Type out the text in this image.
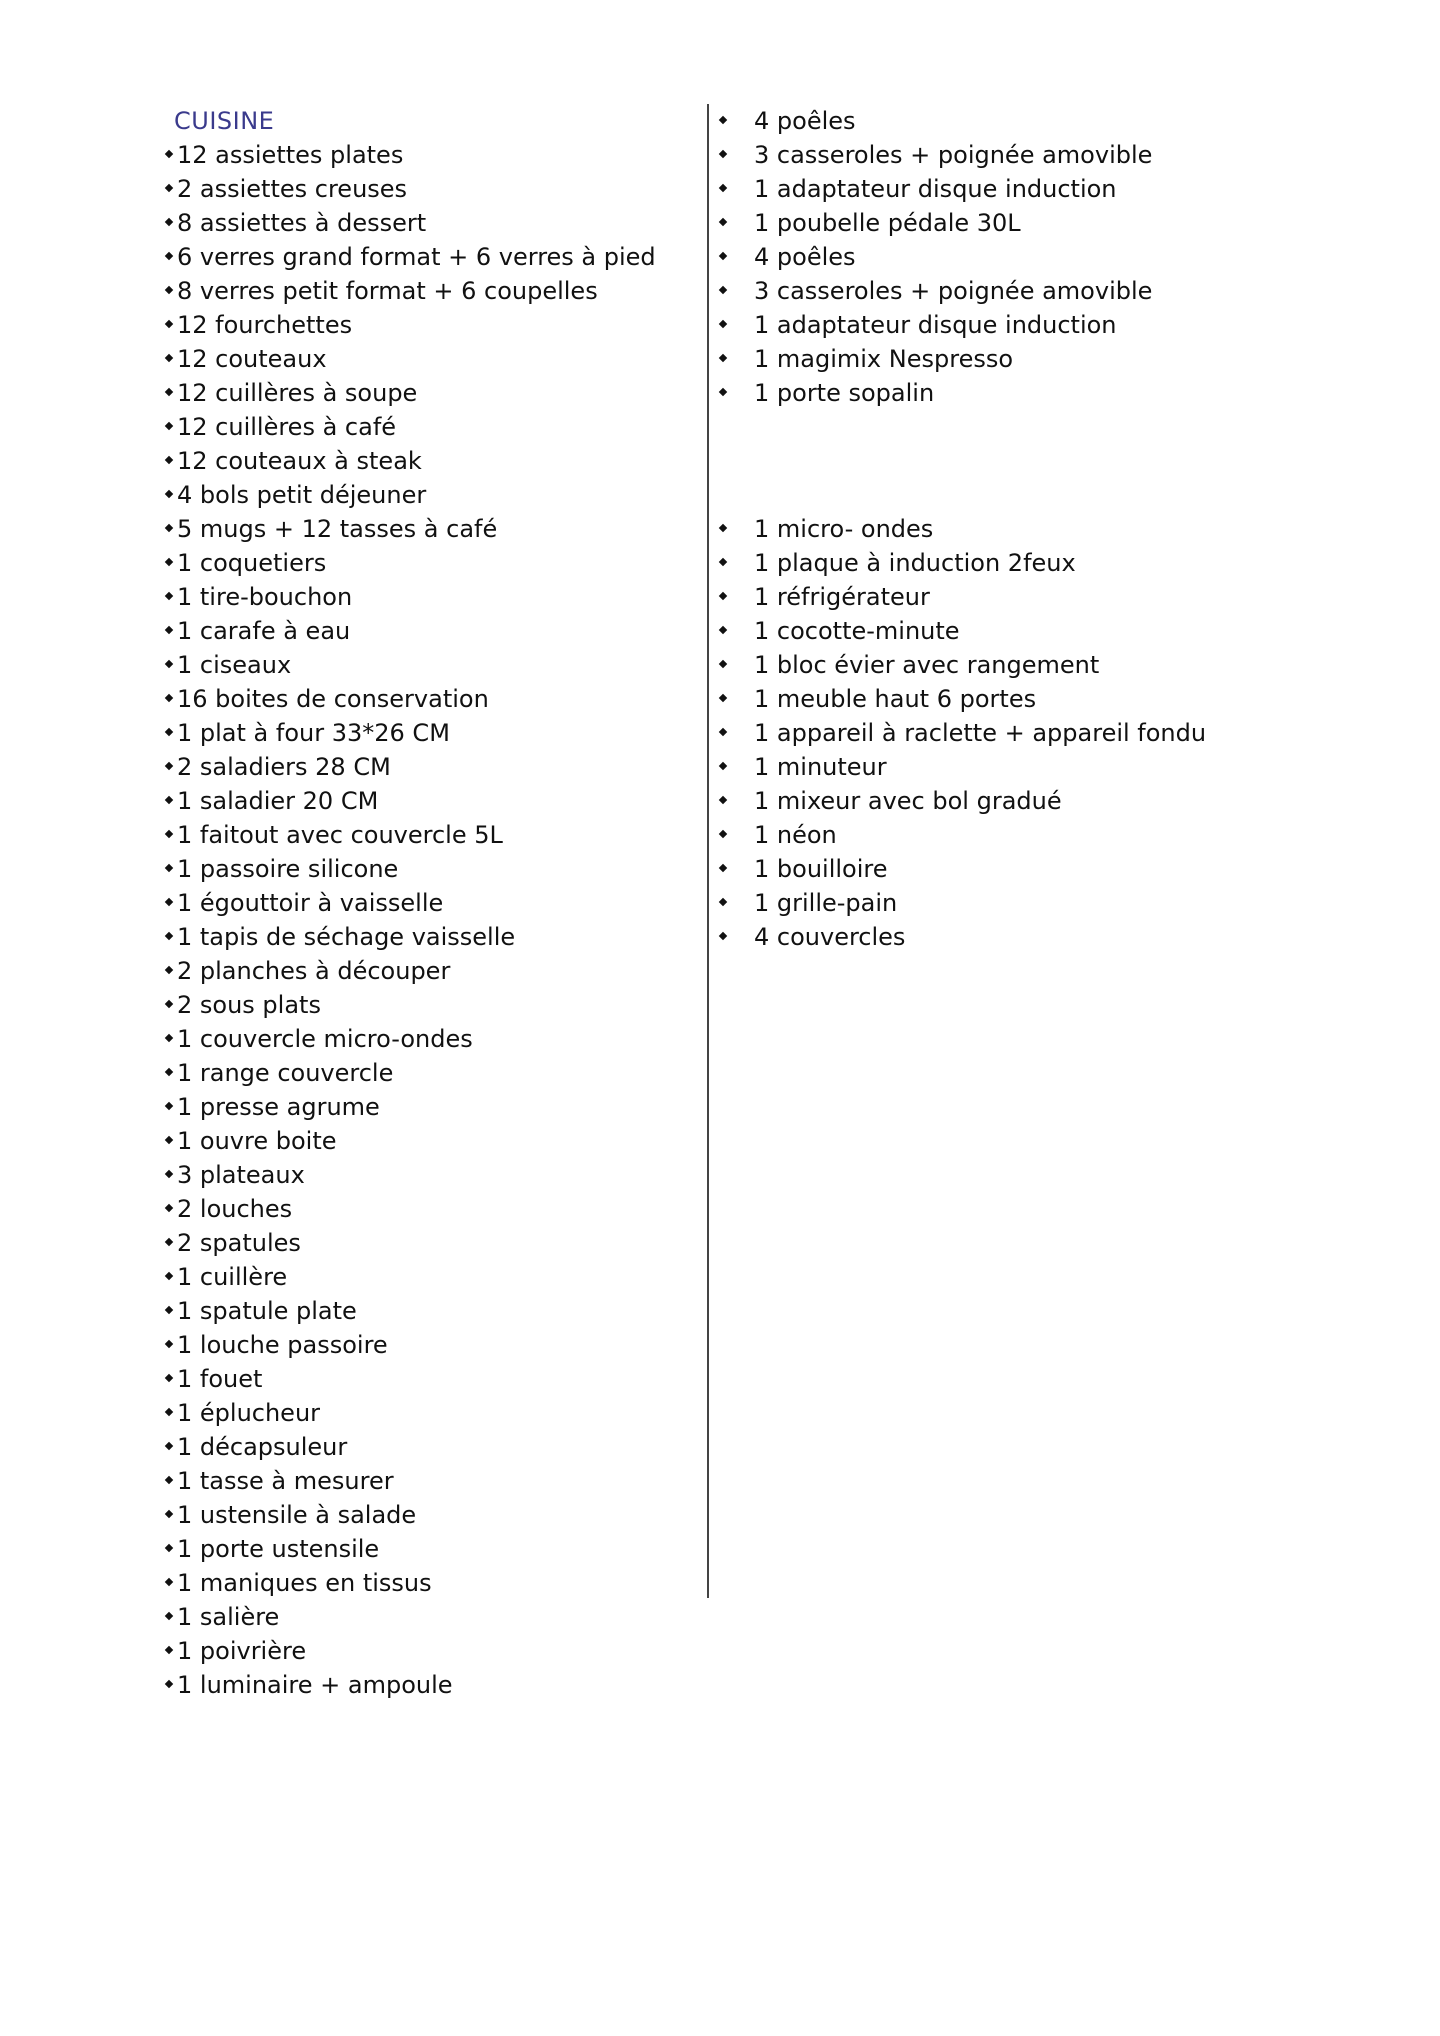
CUISINE
12 assiettes plates
2 assiettes creuses
8 assiettes à dessert
6 verres grand format + 6 verres à pied
8 verres petit format + 6 coupelles
12 fourchettes
12 couteaux
12 cuillères à soupe
12 cuillères à café
12 couteaux à steak
4 bols petit déjeuner
5 mugs + 12 tasses à café
1 coquetiers
1 tire-bouchon
1 carafe à eau
1 ciseaux
16 boites de conservation
1 plat à four 33*26 CM
2 saladiers 28 CM
1 saladier 20 CM
1 faitout avec couvercle 5L
1 passoire silicone
1 égouttoir à vaisselle
1 tapis de séchage vaisselle
2 planches à découper
2 sous plats
1 couvercle micro-ondes
1 range couvercle
1 presse agrume
1 ouvre boite
3 plateaux
2 louches
2 spatules
1 cuillère
1 spatule plate
1 louche passoire
1 fouet
1 éplucheur
1 décapsuleur
1 tasse à mesurer
1 ustensile à salade
1 porte ustensile
1 maniques en tissus
1 salière
1 poivrière
1 luminaire + ampoule
4 poêles
3 casseroles + poignée amovible
1 adaptateur disque induction
1 poubelle pédale 30L
4 poêles
3 casseroles + poignée amovible
1 adaptateur disque induction
1 magimix Nespresso
1 porte sopalin
1 micro- ondes
1 plaque à induction 2feux
1 réfrigérateur
1 cocotte-minute
1 bloc évier avec rangement
1 meuble haut 6 portes
1 appareil à raclette + appareil fondu
1 minuteur
1 mixeur avec bol gradué
1 néon
1 bouilloire
1 grille-pain
4 couvercles
